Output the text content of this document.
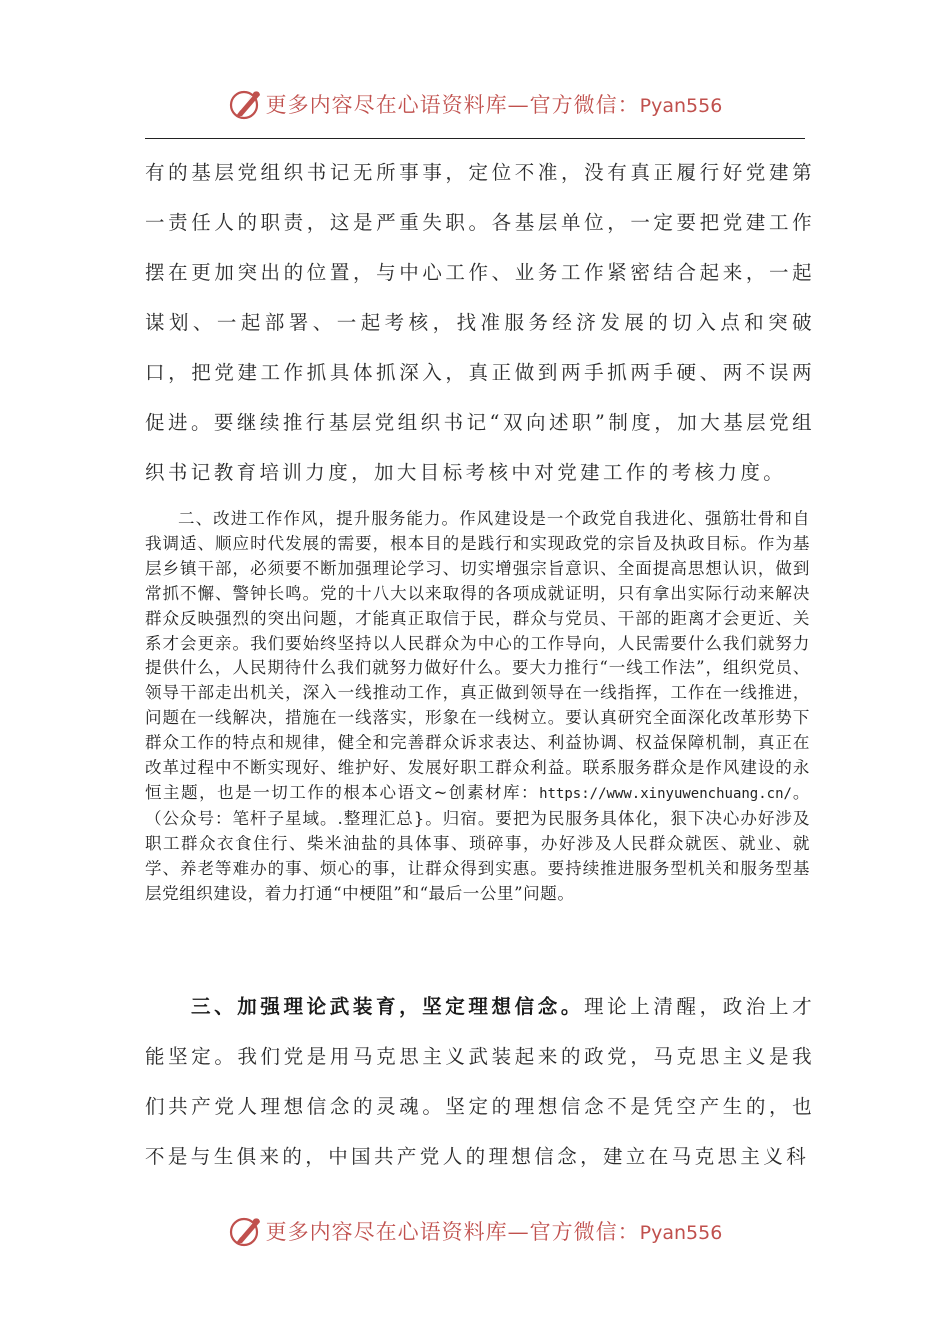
更多内容尽在心语资料库—官方微信：Pyan556

有的基层党组织书记无所事事，定位不准，没有真正履行好党建第一责任人的职责，这是严重失职。各基层单位，一定要把党建工作摆在更加突出的位置，与中心工作、业务工作紧密结合起来，一起谋划、一起部署、一起考核，找准服务经济发展的切入点和突破口，把党建工作抓具体抓深入，真正做到两手抓两手硬、两不误两促进。要继续推行基层党组织书记“双向述职”制度，加大基层党组织书记教育培训力度，加大目标考核中对党建工作的考核力度。

二、改进工作作风，提升服务能力。作风建设是一个政党自我进化、强筋壮骨和自我调适、顺应时代发展的需要，根本目的是践行和实现政党的宗旨及执政目标。作为基层乡镇干部，必须要不断加强理论学习、切实增强宗旨意识、全面提高思想认识，做到常抓不懈、警钟长鸣。党的十八大以来取得的各项成就证明，只有拿出实际行动来解决群众反映强烈的突出问题，才能真正取信于民，群众与党员、干部的距离才会更近、关系才会更亲。我们要始终坚持以人民群众为中心的工作导向，人民需要什么我们就努力提供什么，人民期待什么我们就努力做好什么。要大力推行“一线工作法”，组织党员、领导干部走出机关，深入一线推动工作，真正做到领导在一线指挥，工作在一线推进，问题在一线解决，措施在一线落实，形象在一线树立。要认真研究全面深化改革形势下群众工作的特点和规律，健全和完善群众诉求表达、利益协调、权益保障机制，真正在改革过程中不断实现好、维护好、发展好职工群众利益。联系服务群众是作风建设的永恒主题，也是一切工作的根本心语文~创素材库：https://www.xinyuwenchuang.cn/。（公众号：笔杆子星域。.整理汇总}。归宿。要把为民服务具体化，狠下决心办好涉及职工群众衣食住行、柴米油盐的具体事、琐碎事，办好涉及人民群众就医、就业、就学、养老等难办的事、烦心的事，让群众得到实惠。要持续推进服务型机关和服务型基层党组织建设，着力打通“中梗阻”和“最后一公里”问题。

三、加强理论武装育，坚定理想信念。理论上清醒，政治上才能坚定。我们党是用马克思主义武装起来的政党，马克思主义是我们共产党人理想信念的灵魂。坚定的理想信念不是凭空产生的，也不是与生俱来的，中国共产党人的理想信念，建立在马克思主义科

更多内容尽在心语资料库—官方微信：Pyan556
